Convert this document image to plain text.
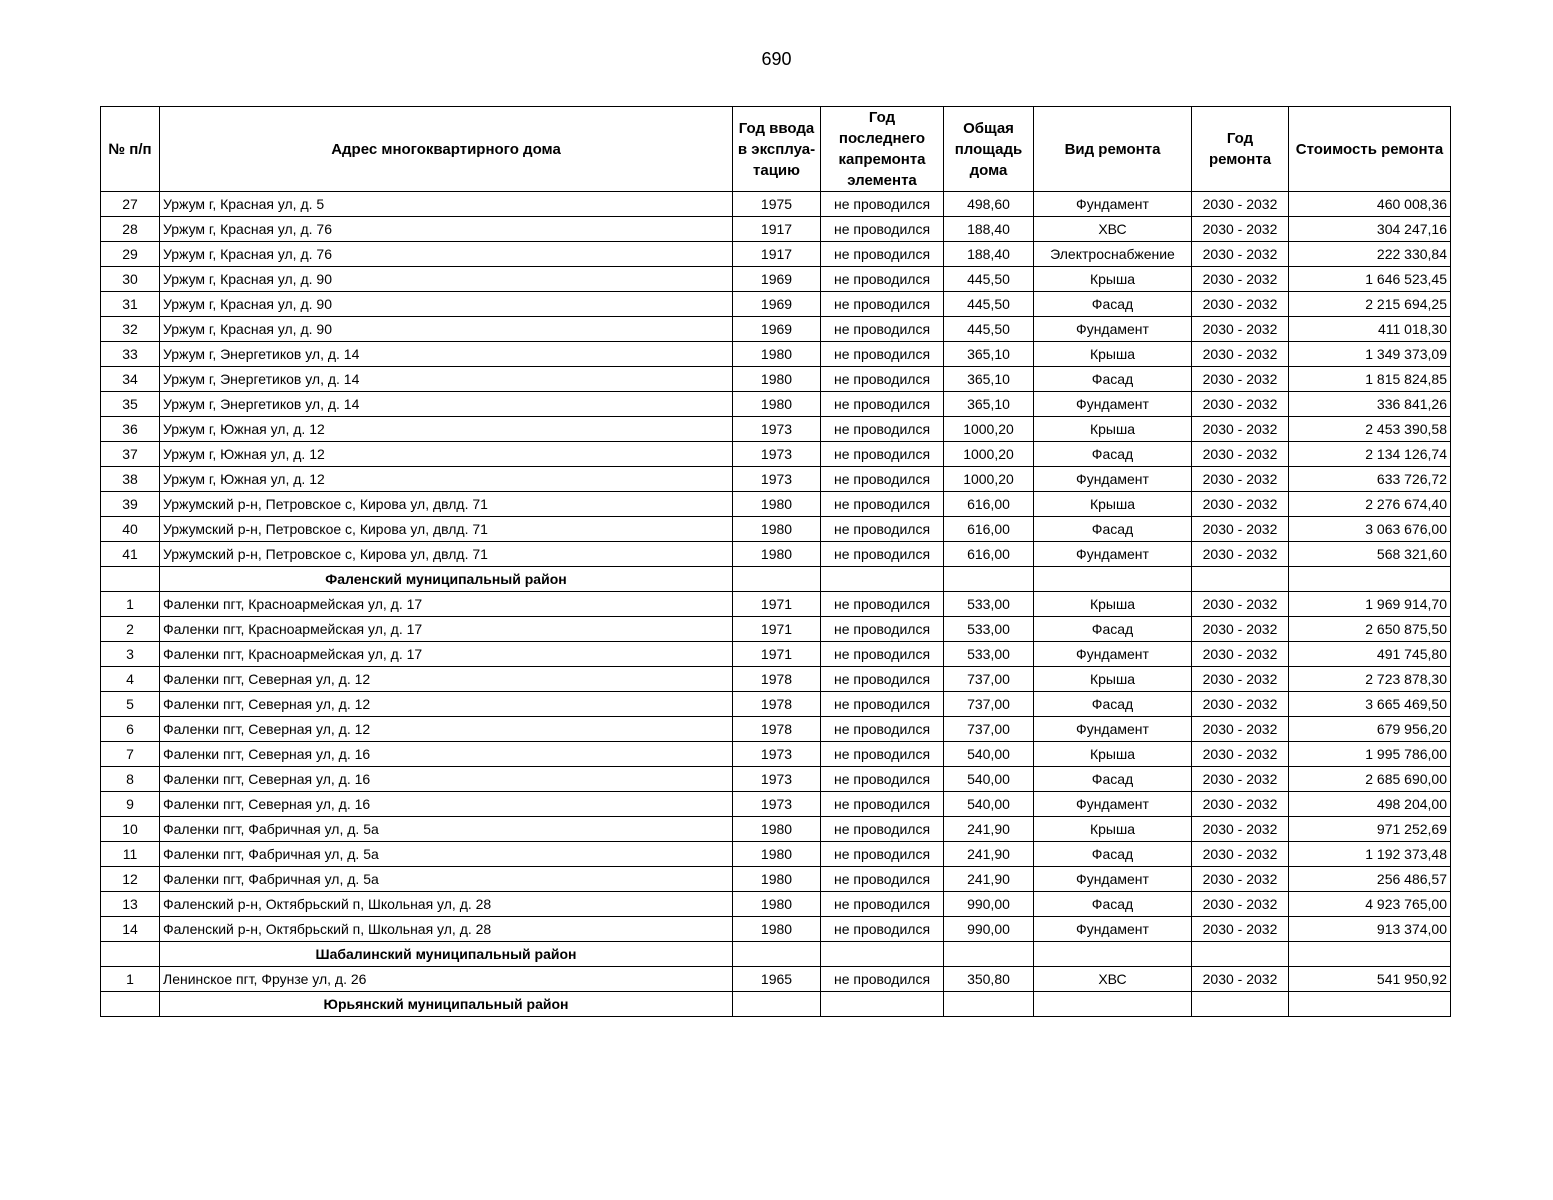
690
№ п/п	Адрес многоквартирного дома	Год ввода в эксплуа-тацию	Год последнего капремонта элемента	Общая площадь дома	Вид ремонта	Год ремонта	Стоимость ремонта
27	Уржум г, Красная ул, д. 5	1975	не проводился	498,60	Фундамент	2030 - 2032	460 008,36
28	Уржум г, Красная ул, д. 76	1917	не проводился	188,40	ХВС	2030 - 2032	304 247,16
29	Уржум г, Красная ул, д. 76	1917	не проводился	188,40	Электроснабжение	2030 - 2032	222 330,84
30	Уржум г, Красная ул, д. 90	1969	не проводился	445,50	Крыша	2030 - 2032	1 646 523,45
31	Уржум г, Красная ул, д. 90	1969	не проводился	445,50	Фасад	2030 - 2032	2 215 694,25
32	Уржум г, Красная ул, д. 90	1969	не проводился	445,50	Фундамент	2030 - 2032	411 018,30
33	Уржум г, Энергетиков ул, д. 14	1980	не проводился	365,10	Крыша	2030 - 2032	1 349 373,09
34	Уржум г, Энергетиков ул, д. 14	1980	не проводился	365,10	Фасад	2030 - 2032	1 815 824,85
35	Уржум г, Энергетиков ул, д. 14	1980	не проводился	365,10	Фундамент	2030 - 2032	336 841,26
36	Уржум г, Южная ул, д. 12	1973	не проводился	1000,20	Крыша	2030 - 2032	2 453 390,58
37	Уржум г, Южная ул, д. 12	1973	не проводился	1000,20	Фасад	2030 - 2032	2 134 126,74
38	Уржум г, Южная ул, д. 12	1973	не проводился	1000,20	Фундамент	2030 - 2032	633 726,72
39	Уржумский р-н, Петровское с, Кирова ул, двлд. 71	1980	не проводился	616,00	Крыша	2030 - 2032	2 276 674,40
40	Уржумский р-н, Петровское с, Кирова ул, двлд. 71	1980	не проводился	616,00	Фасад	2030 - 2032	3 063 676,00
41	Уржумский р-н, Петровское с, Кирова ул, двлд. 71	1980	не проводился	616,00	Фундамент	2030 - 2032	568 321,60
	Фаленский муниципальный район						
1	Фаленки пгт, Красноармейская ул, д. 17	1971	не проводился	533,00	Крыша	2030 - 2032	1 969 914,70
2	Фаленки пгт, Красноармейская ул, д. 17	1971	не проводился	533,00	Фасад	2030 - 2032	2 650 875,50
3	Фаленки пгт, Красноармейская ул, д. 17	1971	не проводился	533,00	Фундамент	2030 - 2032	491 745,80
4	Фаленки пгт, Северная ул, д. 12	1978	не проводился	737,00	Крыша	2030 - 2032	2 723 878,30
5	Фаленки пгт, Северная ул, д. 12	1978	не проводился	737,00	Фасад	2030 - 2032	3 665 469,50
6	Фаленки пгт, Северная ул, д. 12	1978	не проводился	737,00	Фундамент	2030 - 2032	679 956,20
7	Фаленки пгт, Северная ул, д. 16	1973	не проводился	540,00	Крыша	2030 - 2032	1 995 786,00
8	Фаленки пгт, Северная ул, д. 16	1973	не проводился	540,00	Фасад	2030 - 2032	2 685 690,00
9	Фаленки пгт, Северная ул, д. 16	1973	не проводился	540,00	Фундамент	2030 - 2032	498 204,00
10	Фаленки пгт, Фабричная ул, д. 5а	1980	не проводился	241,90	Крыша	2030 - 2032	971 252,69
11	Фаленки пгт, Фабричная ул, д. 5а	1980	не проводился	241,90	Фасад	2030 - 2032	1 192 373,48
12	Фаленки пгт, Фабричная ул, д. 5а	1980	не проводился	241,90	Фундамент	2030 - 2032	256 486,57
13	Фаленский р-н, Октябрьский п, Школьная ул, д. 28	1980	не проводился	990,00	Фасад	2030 - 2032	4 923 765,00
14	Фаленский р-н, Октябрьский п, Школьная ул, д. 28	1980	не проводился	990,00	Фундамент	2030 - 2032	913 374,00
	Шабалинский муниципальный район						
1	Ленинское пгт, Фрунзе ул, д. 26	1965	не проводился	350,80	ХВС	2030 - 2032	541 950,92
	Юрьянский муниципальный район						
